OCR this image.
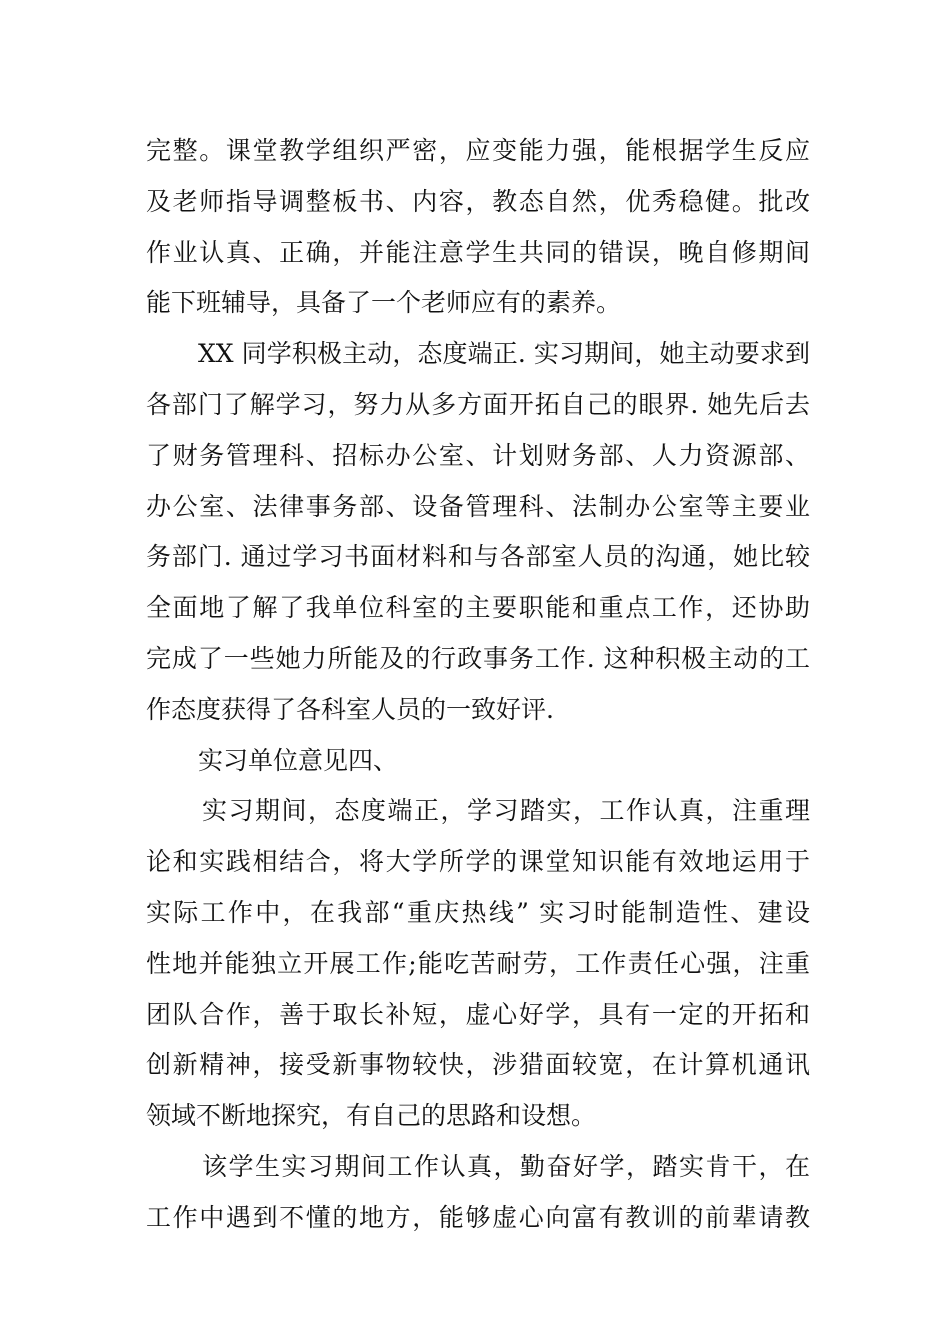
完整。课堂教学组织严密，应变能力强，能根据学生反应
及老师指导调整板书、内容，教态自然，优秀稳健。批改
作业认真、正确，并能注意学生共同的错误，晚自修期间
能下班辅导，具备了一个老师应有的素养。
XX 同学积极主动，态度端正. 实习期间，她主动要求到
各部门了解学习，努力从多方面开拓自己的眼界. 她先后去
了财务管理科、招标办公室、计划财务部、人力资源部、
办公室、法律事务部、设备管理科、法制办公室等主要业
务部门. 通过学习书面材料和与各部室人员的沟通，她比较
全面地了解了我单位科室的主要职能和重点工作，还协助
完成了一些她力所能及的行政事务工作. 这种积极主动的工
作态度获得了各科室人员的一致好评.
实习单位意见四、
实习期间，态度端正，学习踏实，工作认真，注重理
论和实践相结合，将大学所学的课堂知识能有效地运用于
实际工作中，在我部“重庆热线” 实习时能制造性、建设
性地并能独立开展工作;能吃苦耐劳，工作责任心强，注重
团队合作，善于取长补短，虚心好学，具有一定的开拓和
创新精神，接受新事物较快，涉猎面较宽，在计算机通讯
领域不断地探究，有自己的思路和设想。
该学生实习期间工作认真，勤奋好学，踏实肯干，在
工作中遇到不懂的地方，能够虚心向富有教训的前辈请教
